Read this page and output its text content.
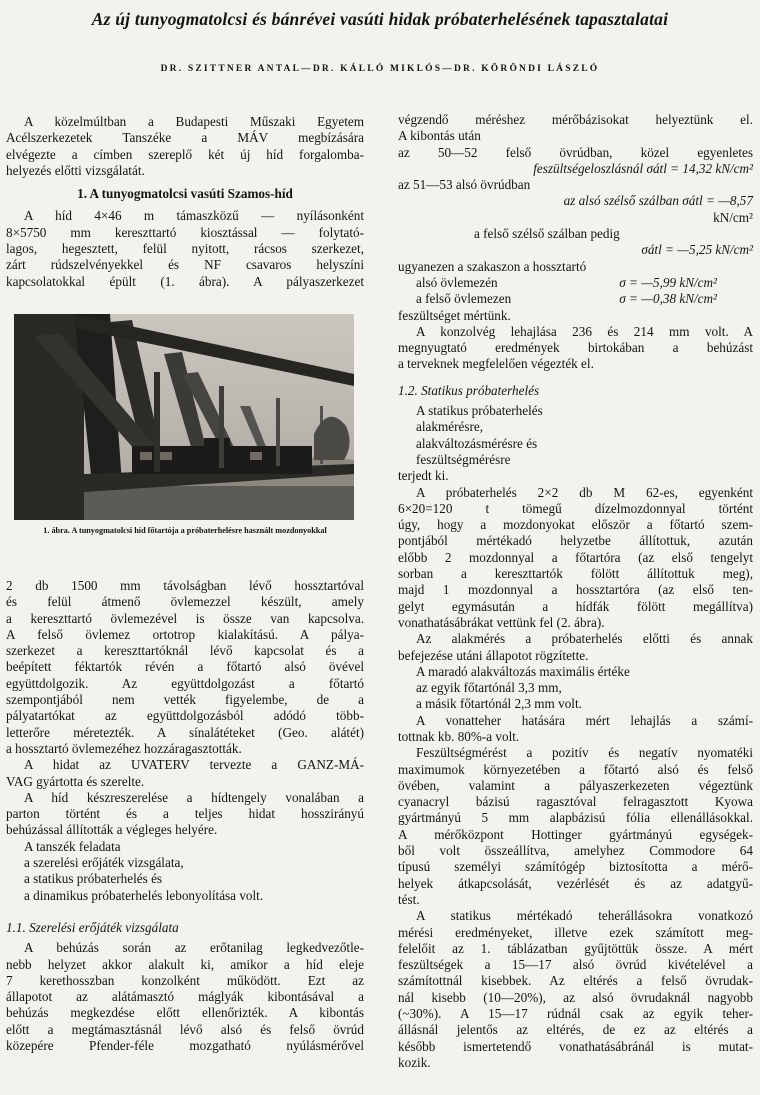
Az új tunyogmatolcsi és bánrévei vasúti hidak próbaterhelésének tapasztalatai
DR. SZITTNER ANTAL—DR. KÁLLÓ MIKLÓS—DR. KÖRÖNDI LÁSZLÓ
A közelmúltban a Budapesti Műszaki Egyetem
Acélszerkezetek Tanszéke a MÁV megbízására
elvégezte a címben szereplő két új híd forgalomba-
helyezés előtti vizsgálatát.
1. A tunyogmatolcsi vasúti Szamos-híd
A híd 4×46 m támaszközű — nyílásonként
8×5750 mm kereszttartó kiosztással — folytató-
lagos, hegesztett, felül nyitott, rácsos szerkezet,
zárt rúdszelvényekkel és NF csavaros helyszíni
kapcsolatokkal épült (1. ábra). A pályaszerkezet
1. ábra. A tunyogmatolcsi híd főtartója a próbaterhelésre használt mozdonyokkal
2 db 1500 mm távolságban lévő hossztartóval
és felül átmenő övlemezzel készült, amely
a kereszttartó övlemezével is össze van kapcsolva.
A felső övlemez ortotrop kialakítású. A pálya-
szerkezet a kereszttartóknál lévő kapcsolat és a
beépített féktartók révén a főtartó alsó övével
együttdolgozik. Az együttdolgozást a főtartó
szempontjából nem vették figyelembe, de a
pályatartókat az együttdolgozásból adódó több-
letterőre méretezték. A sínalátéteket (Geo. alátét)
a hossztartó övlemezéhez hozzáragasztották.
A hidat az UVATERV tervezte a GANZ-MÁ-
VAG gyártotta és szerelte.
A híd készreszerelése a hídtengely vonalában a
parton történt és a teljes hidat hosszirányú
behúzással állították a végleges helyére.
A tanszék feladata
a szerelési erőjáték vizsgálata,
a statikus próbaterhelés és
a dinamikus próbaterhelés lebonyolítása volt.
1.1. Szerelési erőjáték vizsgálata
A behúzás során az erőtanilag legkedvezőtle-
nebb helyzet akkor alakult ki, amikor a híd eleje
7 kerethosszban konzolként működött. Ezt az
állapotot az alátámasztó máglyák kibontásával a
behúzás megkezdése előtt ellenőrizték. A kibontás
előtt a megtámasztásnál lévő alsó és felső övrúd
közepére Pfender-féle mozgatható nyúlásmérővel
végzendő méréshez mérőbázisokat helyeztünk el.
A kibontás után
az 50—52 felső övrúdban, közel egyenletes
feszültségeloszlásnál σátl = 14,32 kN/cm²
az 51—53 alsó övrúdban
az alsó szélső szálban σátl = —8,57
kN/cm²
a felső szélső szálban pedig
σátl = —5,25 kN/cm²
ugyanezen a szakaszon a hossztartó
alsó övlemezén	σ = —5,99 kN/cm²
a felső övlemezen	σ = —0,38 kN/cm²
feszültséget mértünk.
A konzolvég lehajlása 236 és 214 mm volt. A
megnyugtató eredmények birtokában a behúzást
a terveknek megfelelően végezték el.
1.2. Statikus próbaterhelés
A statikus próbaterhelés
alakmérésre,
alakváltozásmérésre és
feszültségmérésre
terjedt ki.
A próbaterhelés 2×2 db M 62-es, egyenként
6×20=120 t tömegű dízelmozdonnyal történt
úgy, hogy a mozdonyokat először a főtartó szem-
pontjából mértékadó helyzetbe állítottuk, azután
előbb 2 mozdonnyal a főtartóra (az első tengelyt
sorban a kereszttartók fölött állítottuk meg),
majd 1 mozdonnyal a hossztartóra (az első ten-
gelyt egymásután a hídfák fölött megállítva)
vonathatásábrákat vettünk fel (2. ábra).
Az alakmérés a próbaterhelés előtti és annak
befejezése utáni állapotot rögzítette.
A maradó alakváltozás maximális értéke
az egyik főtartónál 3,3 mm,
a másik főtartónál 2,3 mm volt.
A vonatteher hatására mért lehajlás a számí-
tottnak kb. 80%-a volt.
Feszültségmérést a pozitív és negatív nyomatéki
maximumok környezetében a főtartó alsó és felső
övében, valamint a pályaszerkezeten végeztünk
cyanacryl bázisú ragasztóval felragasztott Kyowa
gyártmányú 5 mm alapbázisú fólia ellenállásokkal.
A mérőközpont Hottinger gyártmányú egységek-
ből volt összeállítva, amelyhez Commodore 64
típusú személyi számítógép biztosította a mérő-
helyek átkapcsolását, vezérlését és az adatgyű-
tést.
A statikus mértékadó teherállásokra vonatkozó
mérési eredményeket, illetve ezek számított meg-
felelőit az 1. táblázatban gyűjtöttük össze. A mért
feszültségek a 15—17 alsó övrúd kivételével a
számítottnál kisebbek. Az eltérés a felső övrudak-
nál kisebb (10—20%), az alsó övrudaknál nagyobb
(~30%). A 15—17 rúdnál csak az egyik teher-
állásnál jelentős az eltérés, de ez az eltérés a
később ismertetendő vonathatásábránál is mutat-
kozik.
